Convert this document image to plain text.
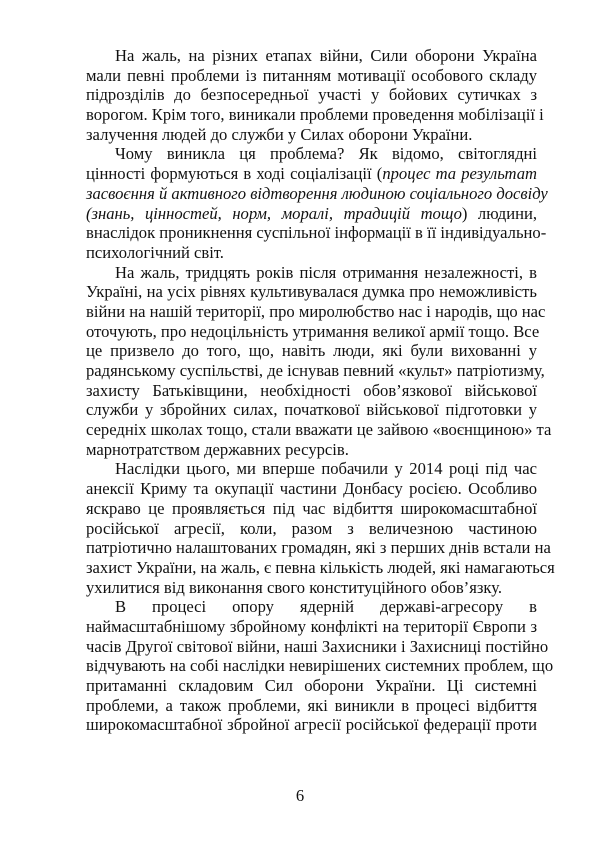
На жаль, на різних етапах війни, Сили оборони Україна
мали певні проблеми із питанням мотивації особового складу
підрозділів до безпосередньої участі у бойових сутичках з
ворогом. Крім того, виникали проблеми проведення мобілізації і
залучення людей до служби у Силах оборони України.
Чому виникла ця проблема? Як відомо, світоглядні
цінності формуються в ході соціалізації (процес та результат
засвоєння й активного відтворення людиною соціального досвіду
(знань, цінностей, норм, моралі, традицій тощо) людини,
внаслідок проникнення суспільної інформації в її індивідуально-
психологічний світ.
На жаль, тридцять років після отримання незалежності, в
Україні, на усіх рівнях культивувалася думка про неможливість
війни на нашій території, про миролюбство нас і народів, що нас
оточують, про недоцільність утримання великої армії тощо. Все
це призвело до того, що, навіть люди, які були вихованні у
радянському суспільстві, де існував певний «культ» патріотизму,
захисту Батьківщини, необхідності обов’язкової військової
служби у збройних силах, початкової військової підготовки у
середніх школах тощо, стали вважати це зайвою «воєнщиною» та
марнотратством державних ресурсів.
Наслідки цього, ми вперше побачили у 2014 році під час
анексії Криму та окупації частини Донбасу росією. Особливо
яскраво це проявляється під час відбиття широкомасштабної
російської агресії, коли, разом з величезною частиною
патріотично налаштованих громадян, які з перших днів встали на
захист України, на жаль, є певна кількість людей, які намагаються
ухилитися від виконання свого конституційного обов’язку.
В процесі опору ядерній державі-агресору в
наймасштабнішому збройному конфлікті на території Європи з
часів Другої світової війни, наші Захисники і Захисниці постійно
відчувають на собі наслідки невирішених системних проблем, що
притаманні складовим Сил оборони України. Ці системні
проблеми, а також проблеми, які виникли в процесі відбиття
широкомасштабної збройної агресії російської федерації проти
6
